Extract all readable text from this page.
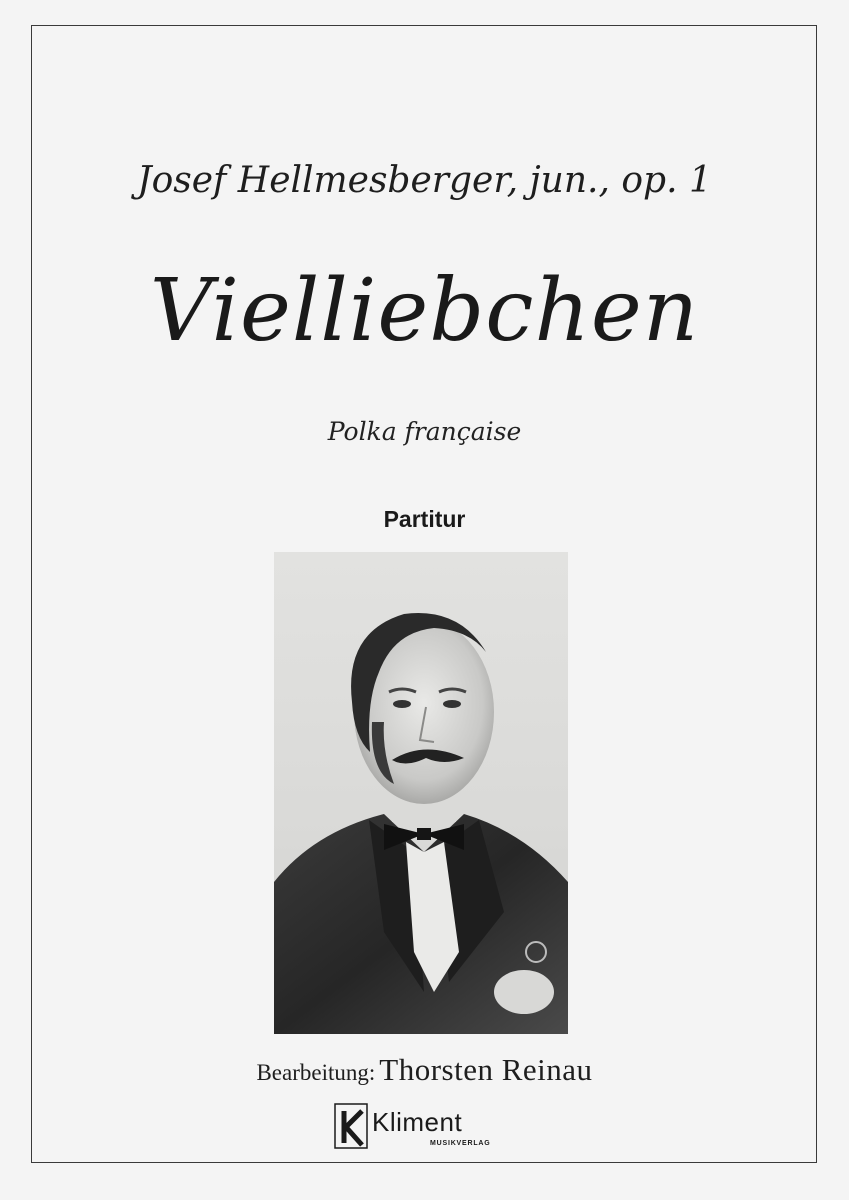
Josef Hellmesberger, jun., op. 1
Vielliebchen
Polka française
Partitur
Bearbeitung: Thorsten Reinau
Kliment
MUSIKVERLAG
